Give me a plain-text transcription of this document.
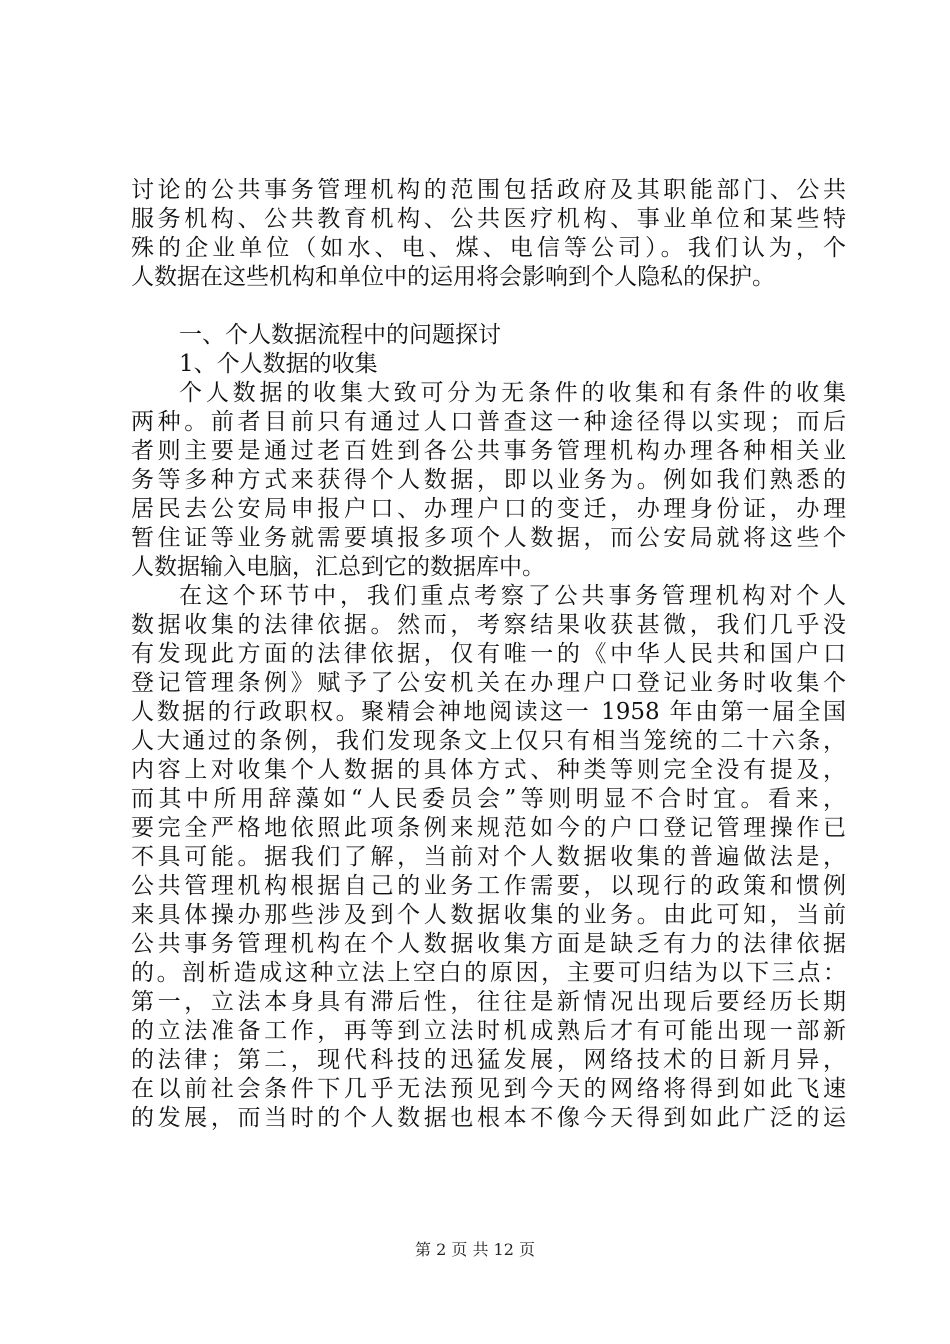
讨论的公共事务管理机构的范围包括政府及其职能部门、公共
服务机构、公共教育机构、公共医疗机构、事业单位和某些特
殊的企业单位（如水、电、煤、电信等公司）。我们认为，个
人数据在这些机构和单位中的运用将会影响到个人隐私的保护。
一、个人数据流程中的问题探讨
1、个人数据的收集
个人数据的收集大致可分为无条件的收集和有条件的收集
两种。前者目前只有通过人口普查这一种途径得以实现；而后
者则主要是通过老百姓到各公共事务管理机构办理各种相关业
务等多种方式来获得个人数据，即以业务为。例如我们熟悉的
居民去公安局申报户口、办理户口的变迁，办理身份证，办理
暂住证等业务就需要填报多项个人数据，而公安局就将这些个
人数据输入电脑，汇总到它的数据库中。
在这个环节中，我们重点考察了公共事务管理机构对个人
数据收集的法律依据。然而，考察结果收获甚微，我们几乎没
有发现此方面的法律依据，仅有唯一的《中华人民共和国户口
登记管理条例》赋予了公安机关在办理户口登记业务时收集个
人数据的行政职权。聚精会神地阅读这一 1958 年由第一届全国
人大通过的条例，我们发现条文上仅只有相当笼统的二十六条，
内容上对收集个人数据的具体方式、种类等则完全没有提及，
而其中所用辞藻如“人民委员会”等则明显不合时宜。看来，
要完全严格地依照此项条例来规范如今的户口登记管理操作已
不具可能。据我们了解，当前对个人数据收集的普遍做法是，
公共管理机构根据自己的业务工作需要，以现行的政策和惯例
来具体操办那些涉及到个人数据收集的业务。由此可知，当前
公共事务管理机构在个人数据收集方面是缺乏有力的法律依据
的。剖析造成这种立法上空白的原因，主要可归结为以下三点：
第一，立法本身具有滞后性，往往是新情况出现后要经历长期
的立法准备工作，再等到立法时机成熟后才有可能出现一部新
的法律；第二，现代科技的迅猛发展，网络技术的日新月异，
在以前社会条件下几乎无法预见到今天的网络将得到如此飞速
的发展，而当时的个人数据也根本不像今天得到如此广泛的运
第 2 页 共 12 页
